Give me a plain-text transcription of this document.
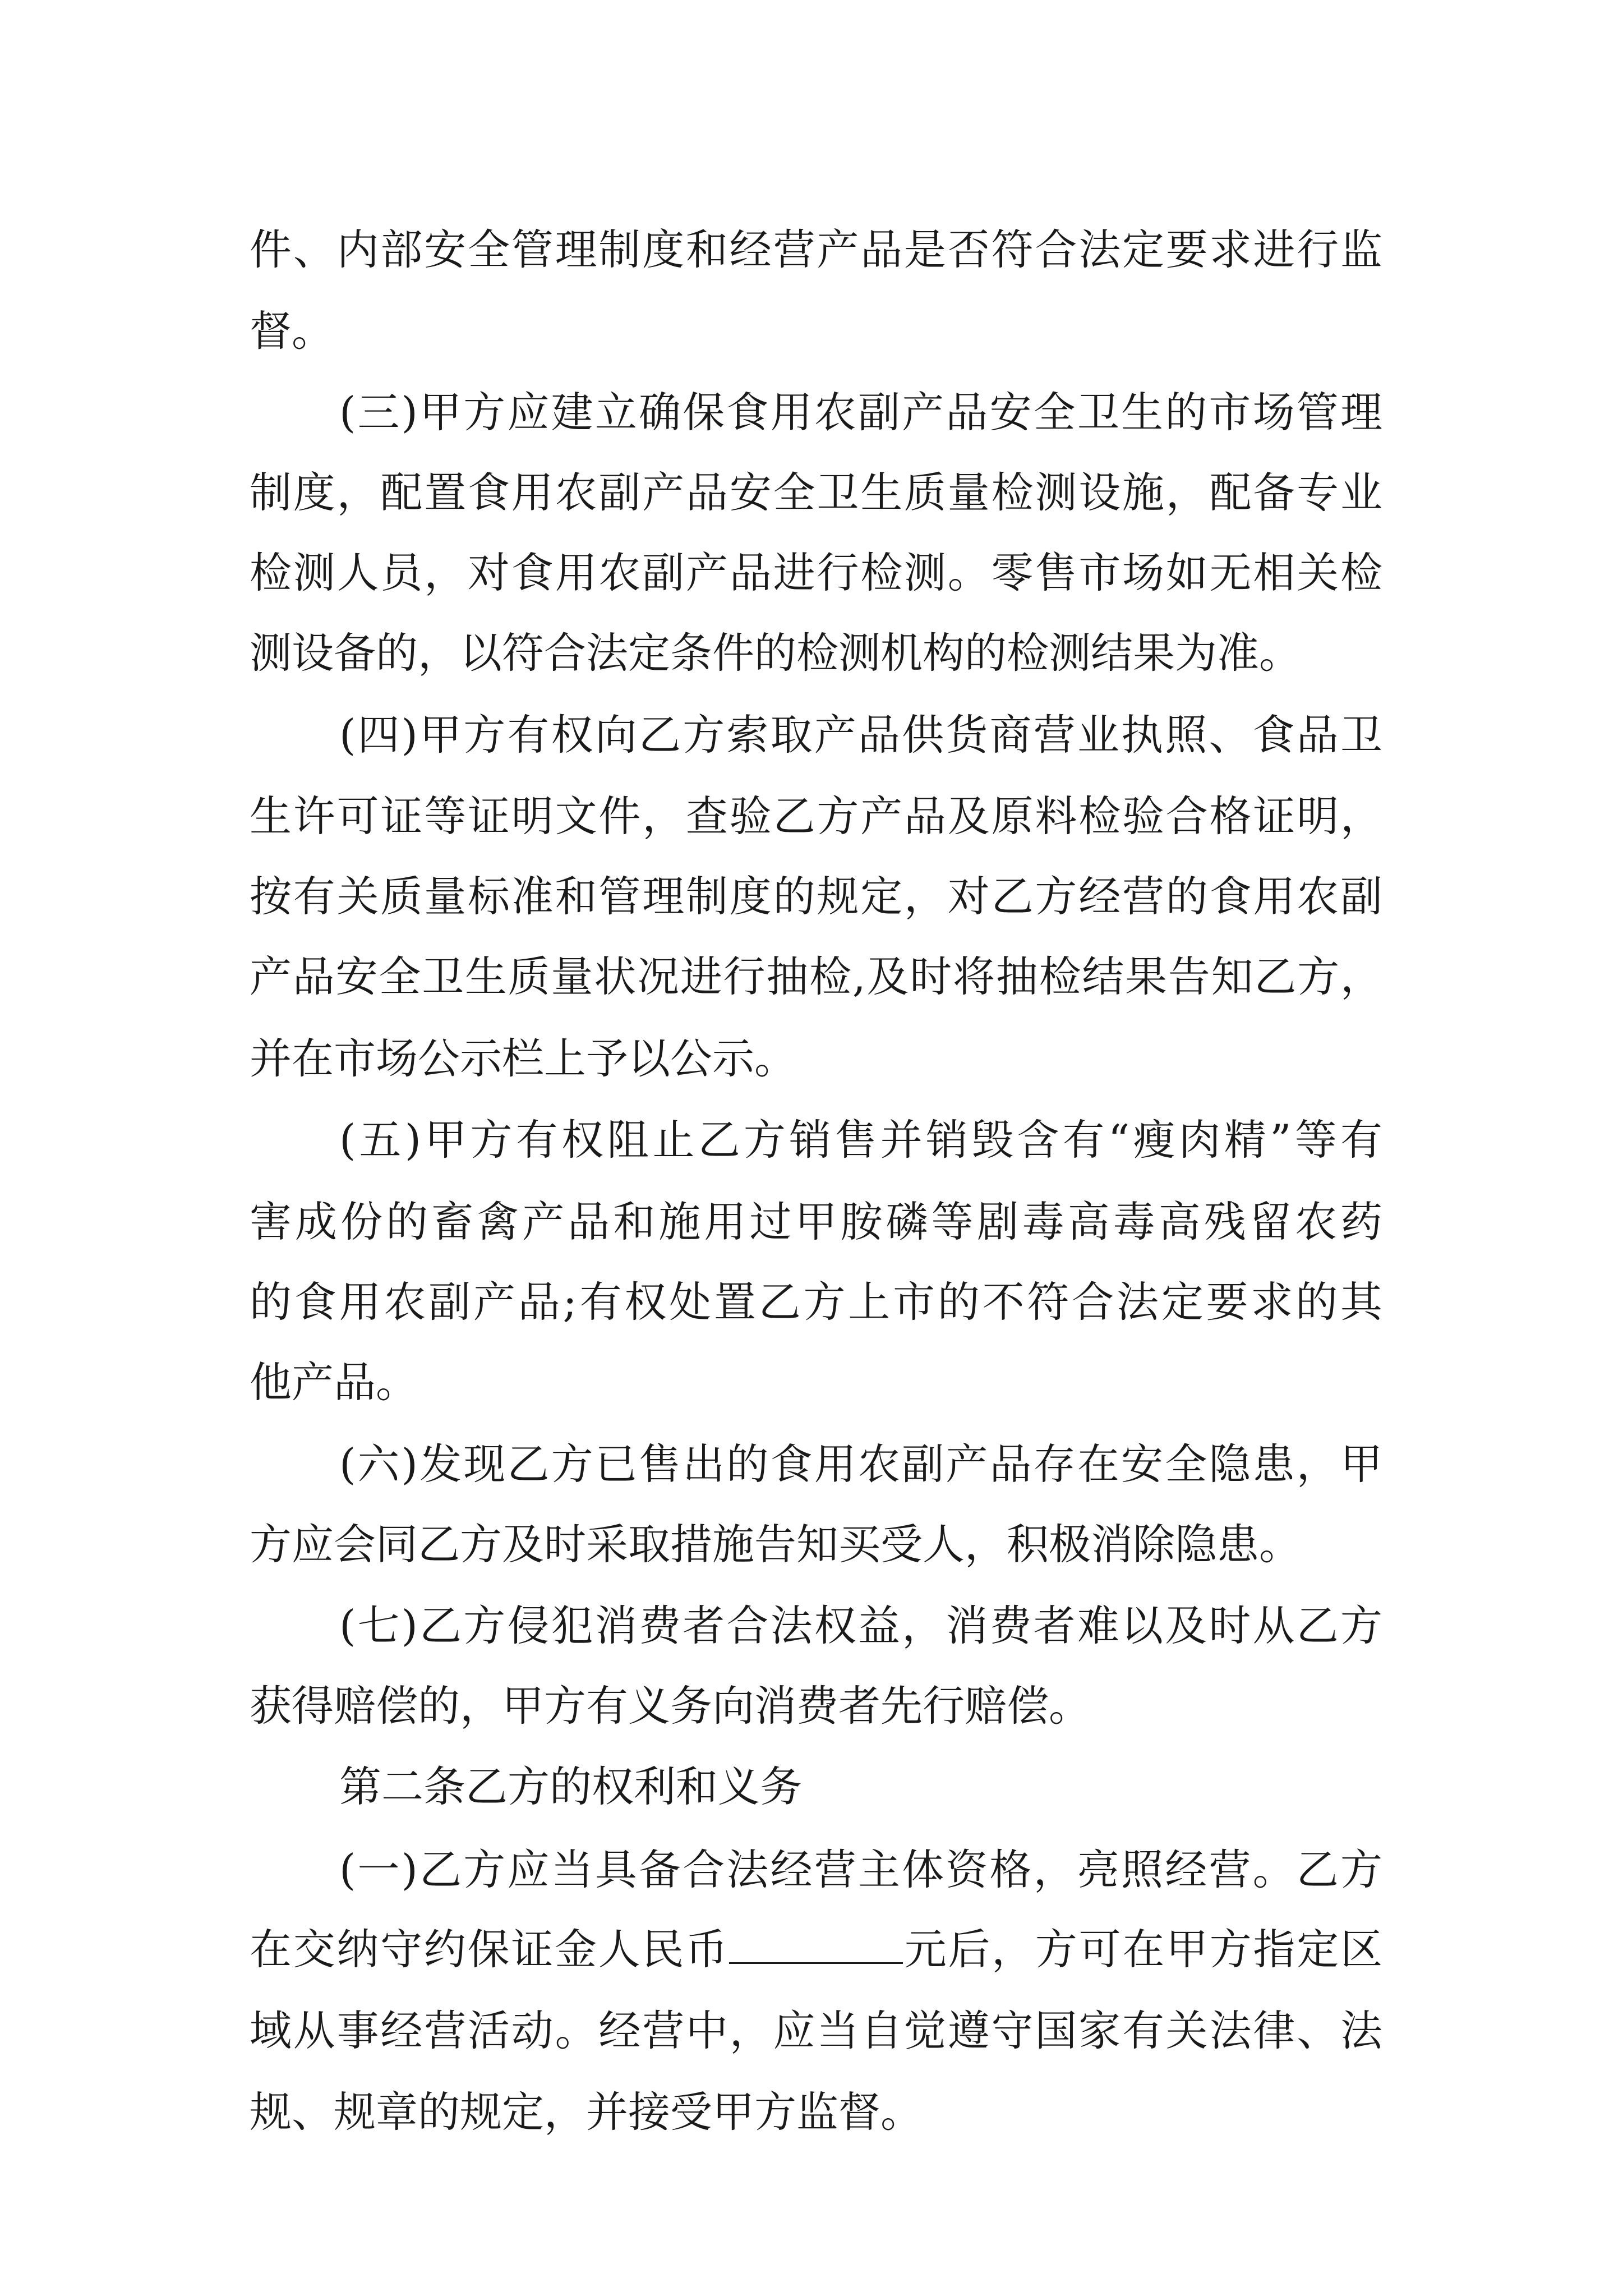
件、内部安全管理制度和经营产品是否符合法定要求进行监
督。
(三)甲方应建立确保食用农副产品安全卫生的市场管理
制度，配置食用农副产品安全卫生质量检测设施，配备专业
检测人员，对食用农副产品进行检测。零售市场如无相关检
测设备的，以符合法定条件的检测机构的检测结果为准。
(四)甲方有权向乙方索取产品供货商营业执照、食品卫
生许可证等证明文件，查验乙方产品及原料检验合格证明，
按有关质量标准和管理制度的规定，对乙方经营的食用农副
产品安全卫生质量状况进行抽检,及时将抽检结果告知乙方，
并在市场公示栏上予以公示。
(五)甲方有权阻止乙方销售并销毁含有“瘦肉精”等有
害成份的畜禽产品和施用过甲胺磷等剧毒高毒高残留农药
的食用农副产品;有权处置乙方上市的不符合法定要求的其
他产品。
(六)发现乙方已售出的食用农副产品存在安全隐患，甲
方应会同乙方及时采取措施告知买受人，积极消除隐患。
(七)乙方侵犯消费者合法权益，消费者难以及时从乙方
获得赔偿的，甲方有义务向消费者先行赔偿。
第二条乙方的权利和义务
(一)乙方应当具备合法经营主体资格，亮照经营。乙方
在交纳守约保证金人民币	元后，方可在甲方指定区
域从事经营活动。经营中，应当自觉遵守国家有关法律、法
规、规章的规定，并接受甲方监督。
